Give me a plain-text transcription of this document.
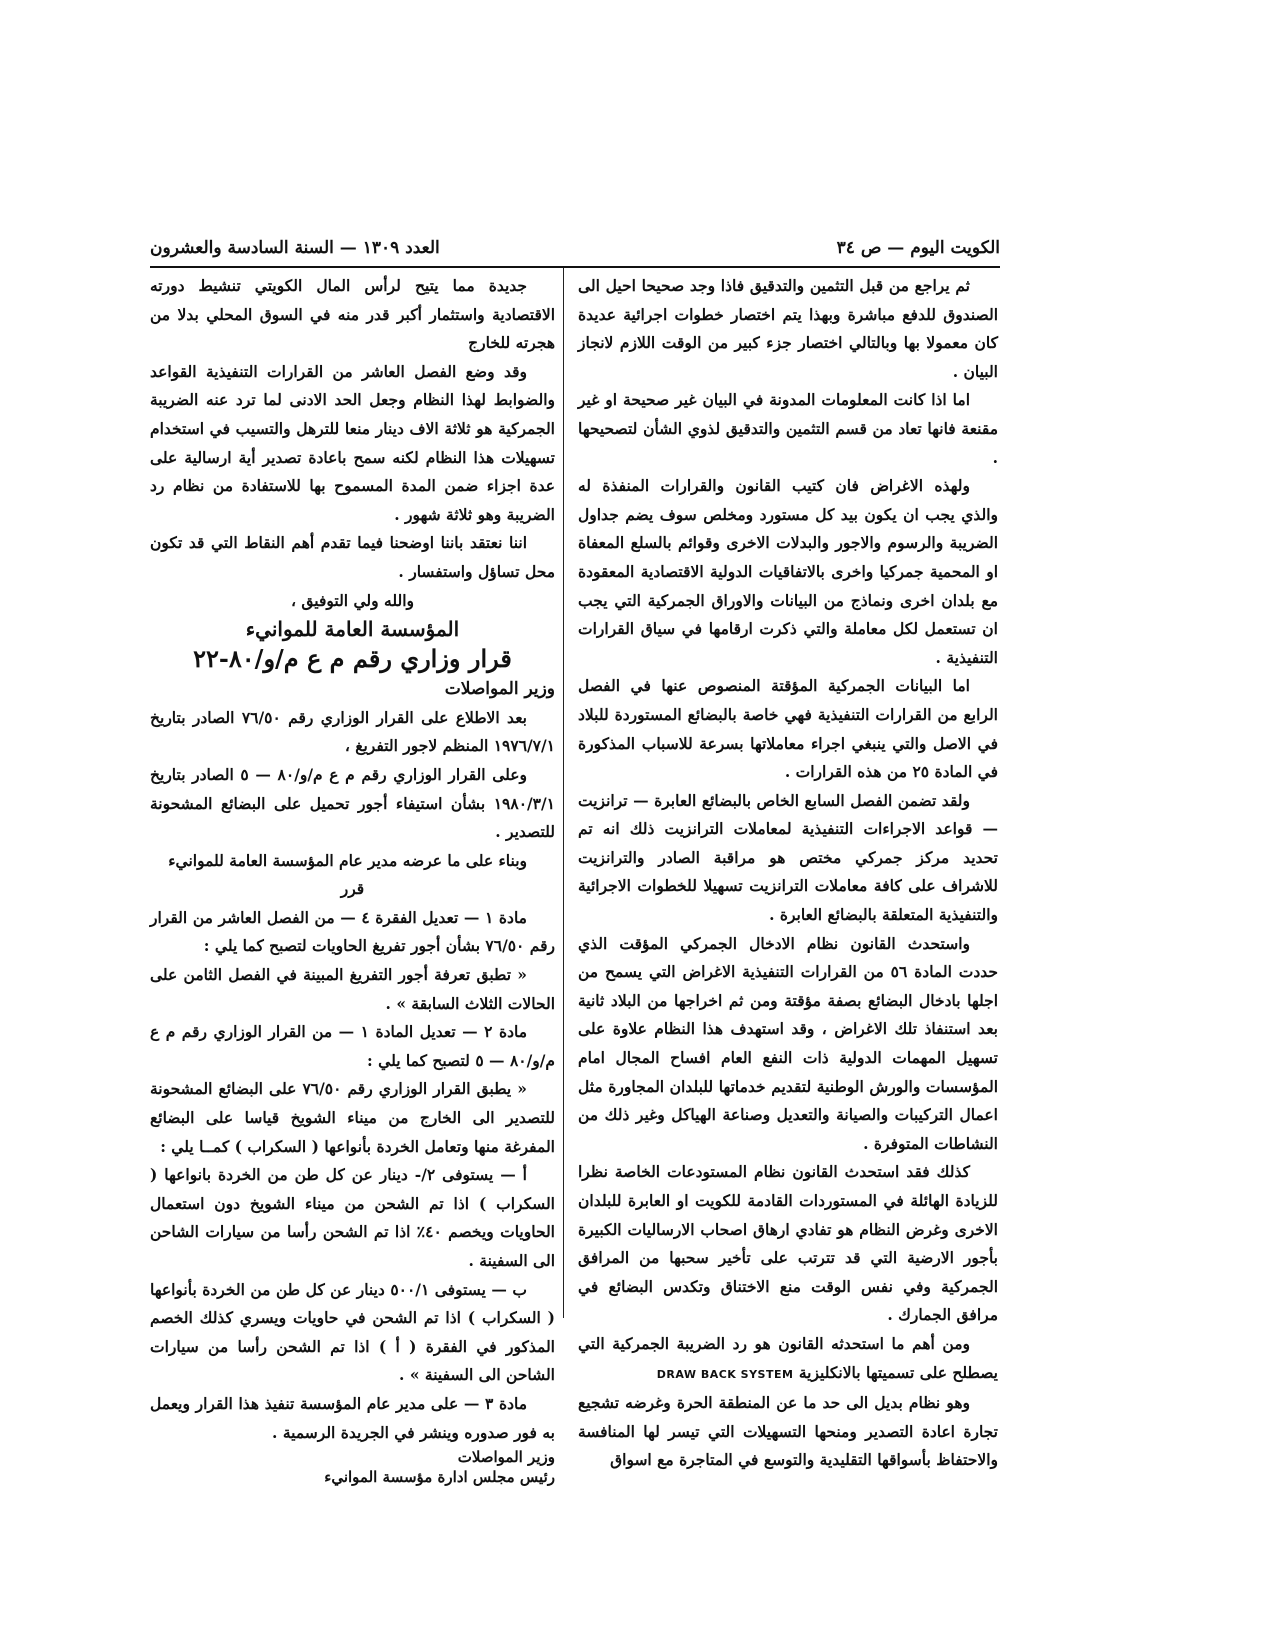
الكويت اليوم — ص ٣٤
العدد ١٣٠٩ — السنة السادسة والعشرون

ثم يراجع من قبل التثمين والتدقيق فاذا وجد صحيحا احيل الى الصندوق للدفع مباشرة وبهذا يتم اختصار خطوات اجرائية عديدة كان معمولا بها وبالتالي اختصار جزء كبير من الوقت اللازم لانجاز البيان .

اما اذا كانت المعلومات المدونة في البيان غير صحيحة او غير مقنعة فانها تعاد من قسم التثمين والتدقيق لذوي الشأن لتصحيحها .

ولهذه الاغراض فان كتيب القانون والقرارات المنفذة له والذي يجب ان يكون بيد كل مستورد ومخلص سوف يضم جداول الضريبة والرسوم والاجور والبدلات الاخرى وقوائم بالسلع المعفاة او المحمية جمركيا واخرى بالاتفاقيات الدولية الاقتصادية المعقودة مع بلدان اخرى ونماذج من البيانات والاوراق الجمركية التي يجب ان تستعمل لكل معاملة والتي ذكرت ارقامها في سياق القرارات التنفيذية .

اما البيانات الجمركية المؤقتة المنصوص عنها في الفصل الرابع من القرارات التنفيذية فهي خاصة بالبضائع المستوردة للبلاد في الاصل والتي ينبغي اجراء معاملاتها بسرعة للاسباب المذكورة في المادة ٢٥ من هذه القرارات .

ولقد تضمن الفصل السابع الخاص بالبضائع العابرة — ترانزيت — قواعد الاجراءات التنفيذية لمعاملات الترانزيت ذلك انه تم تحديد مركز جمركي مختص هو مراقبة الصادر والترانزيت للاشراف على كافة معاملات الترانزيت تسهيلا للخطوات الاجرائية والتنفيذية المتعلقة بالبضائع العابرة .

واستحدث القانون نظام الادخال الجمركي المؤقت الذي حددت المادة ٥٦ من القرارات التنفيذية الاغراض التي يسمح من اجلها بادخال البضائع بصفة مؤقتة ومن ثم اخراجها من البلاد ثانية بعد استنفاذ تلك الاغراض ، وقد استهدف هذا النظام علاوة على تسهيل المهمات الدولية ذات النفع العام افساح المجال امام المؤسسات والورش الوطنية لتقديم خدماتها للبلدان المجاورة مثل اعمال التركيبات والصيانة والتعديل وصناعة الهياكل وغير ذلك من النشاطات المتوفرة .

كذلك فقد استحدث القانون نظام المستودعات الخاصة نظرا للزيادة الهائلة في المستوردات القادمة للكويت او العابرة للبلدان الاخرى وغرض النظام هو تفادي ارهاق اصحاب الارساليات الكبيرة بأجور الارضية التي قد تترتب على تأخير سحبها من المرافق الجمركية وفي نفس الوقت منع الاختناق وتكدس البضائع في مرافق الجمارك .

ومن أهم ما استحدثه القانون هو رد الضريبة الجمركية التي يصطلح على تسميتها بالانكليزية DRAW BACK SYSTEM

وهو نظام بديل الى حد ما عن المنطقة الحرة وغرضه تشجيع تجارة اعادة التصدير ومنحها التسهيلات التي تيسر لها المنافسة والاحتفاظ بأسواقها التقليدية والتوسع في المتاجرة مع اسواق

جديدة مما يتيح لرأس المال الكويتي تنشيط دورته الاقتصادية واستثمار أكبر قدر منه في السوق المحلي بدلا من هجرته للخارج

وقد وضع الفصل العاشر من القرارات التنفيذية القواعد والضوابط لهذا النظام وجعل الحد الادنى لما ترد عنه الضريبة الجمركية هو ثلاثة الاف دينار منعا للترهل والتسيب في استخدام تسهيلات هذا النظام لكنه سمح باعادة تصدير أية ارسالية على عدة اجزاء ضمن المدة المسموح بها للاستفادة من نظام رد الضريبة وهو ثلاثة شهور .

اننا نعتقد باننا اوضحنا فيما تقدم أهم النقاط التي قد تكون محل تساؤل واستفسار .

والله ولي التوفيق ،

المؤسسة العامة للموانيء

قرار وزاري رقم م ع م/و/٨٠-٢٢

وزير المواصلات

بعد الاطلاع على القرار الوزاري رقم ٧٦/٥٠ الصادر بتاريخ ١٩٧٦/٧/١ المنظم لاجور التفريغ ،

وعلى القرار الوزاري رقم م ع م/و/٨٠ — ٥ الصادر بتاريخ ١٩٨٠/٣/١ بشأن استيفاء أجور تحميل على البضائع المشحونة للتصدير .

وبناء على ما عرضه مدير عام المؤسسة العامة للموانيء

قرر

مادة ١ — تعديل الفقرة ٤ — من الفصل العاشر من القرار رقم ٧٦/٥٠ بشأن أجور تفريغ الحاويات لتصبح كما يلي :

« تطبق تعرفة أجور التفريغ المبينة في الفصل الثامن على الحالات الثلاث السابقة » .

مادة ٢ — تعديل المادة ١ — من القرار الوزاري رقم م ع م/و/٨٠ — ٥ لتصبح كما يلي :

« يطبق القرار الوزاري رقم ٧٦/٥٠ على البضائع المشحونة للتصدير الى الخارج من ميناء الشويخ قياسا على البضائع المفرغة منها وتعامل الخردة بأنواعها ( السكراب ) كمــا يلي :

أ — يستوفى ٢/- دينار عن كل طن من الخردة بانواعها ( السكراب ) اذا تم الشحن من ميناء الشويخ دون استعمال الحاويات ويخصم ٤٠٪ اذا تم الشحن رأسا من سيارات الشاحن الى السفينة .

ب — يستوفى ٥٠٠/١ دينار عن كل طن من الخردة بأنواعها ( السكراب ) اذا تم الشحن في حاويات ويسري كذلك الخصم المذكور في الفقرة ( أ ) اذا تم الشحن رأسا من سيارات الشاحن الى السفينة » .

مادة ٣ — على مدير عام المؤسسة تنفيذ هذا القرار ويعمل به فور صدوره وينشر في الجريدة الرسمية .

وزير المواصلات

رئيس مجلس ادارة مؤسسة الموانيء
